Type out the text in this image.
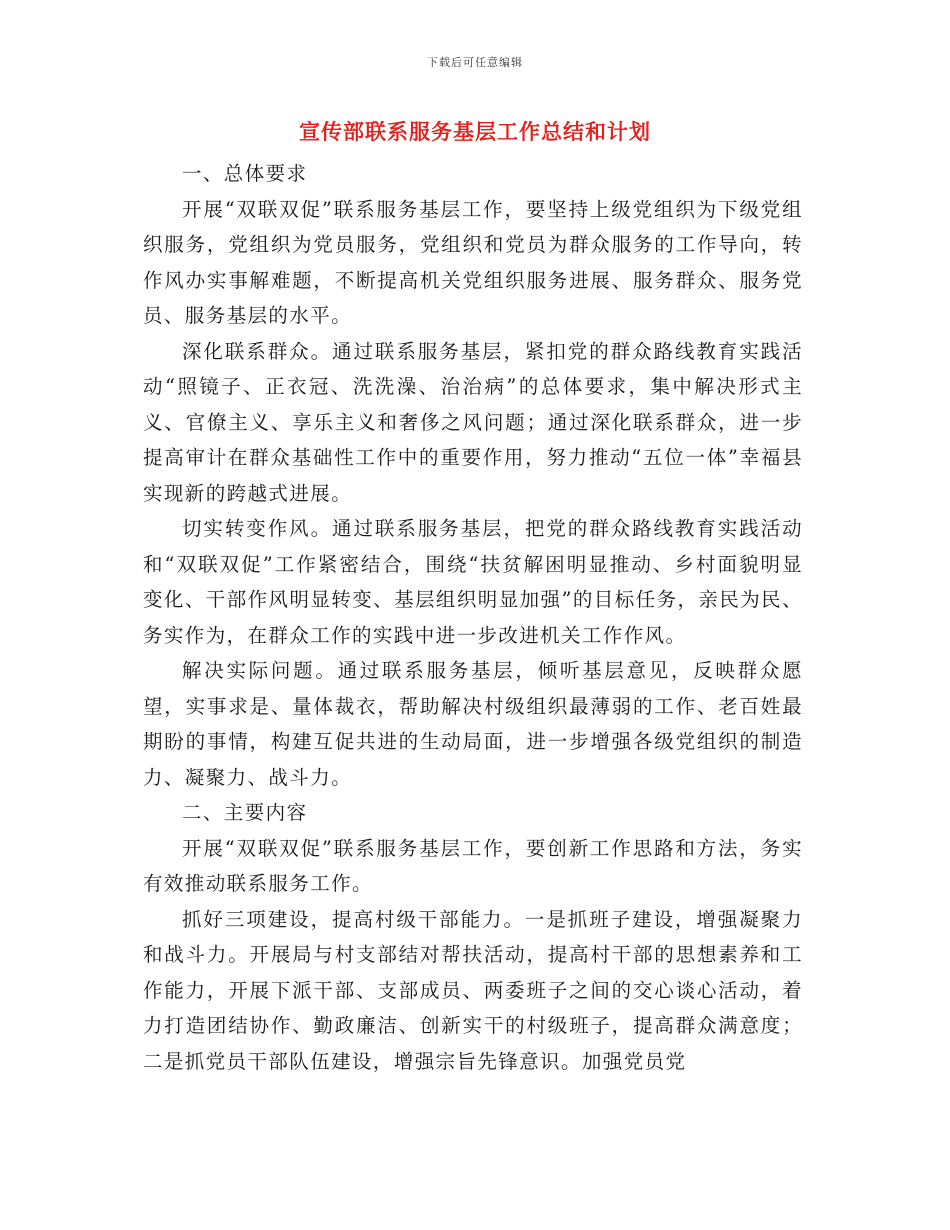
下载后可任意编辑
宣传部联系服务基层工作总结和计划

一、总体要求

开展“双联双促”联系服务基层工作，要坚持上级党组织为下级党组织服务，党组织为党员服务，党组织和党员为群众服务的工作导向，转作风办实事解难题，不断提高机关党组织服务进展、服务群众、服务党员、服务基层的水平。

深化联系群众。通过联系服务基层，紧扣党的群众路线教育实践活动“照镜子、正衣冠、洗洗澡、治治病”的总体要求，集中解决形式主义、官僚主义、享乐主义和奢侈之风问题；通过深化联系群众，进一步提高审计在群众基础性工作中的重要作用，努力推动“五位一体”幸福县实现新的跨越式进展。

切实转变作风。通过联系服务基层，把党的群众路线教育实践活动和“双联双促”工作紧密结合，围绕“扶贫解困明显推动、乡村面貌明显变化、干部作风明显转变、基层组织明显加强”的目标任务，亲民为民、务实作为，在群众工作的实践中进一步改进机关工作作风。

解决实际问题。通过联系服务基层，倾听基层意见，反映群众愿望，实事求是、量体裁衣，帮助解决村级组织最薄弱的工作、老百姓最期盼的事情，构建互促共进的生动局面，进一步增强各级党组织的制造力、凝聚力、战斗力。

二、主要内容

开展“双联双促”联系服务基层工作，要创新工作思路和方法，务实有效推动联系服务工作。

抓好三项建设，提高村级干部能力。一是抓班子建设，增强凝聚力和战斗力。开展局与村支部结对帮扶活动，提高村干部的思想素养和工作能力，开展下派干部、支部成员、两委班子之间的交心谈心活动，着力打造团结协作、勤政廉洁、创新实干的村级班子，提高群众满意度；二是抓党员干部队伍建设，增强宗旨先锋意识。加强党员党
